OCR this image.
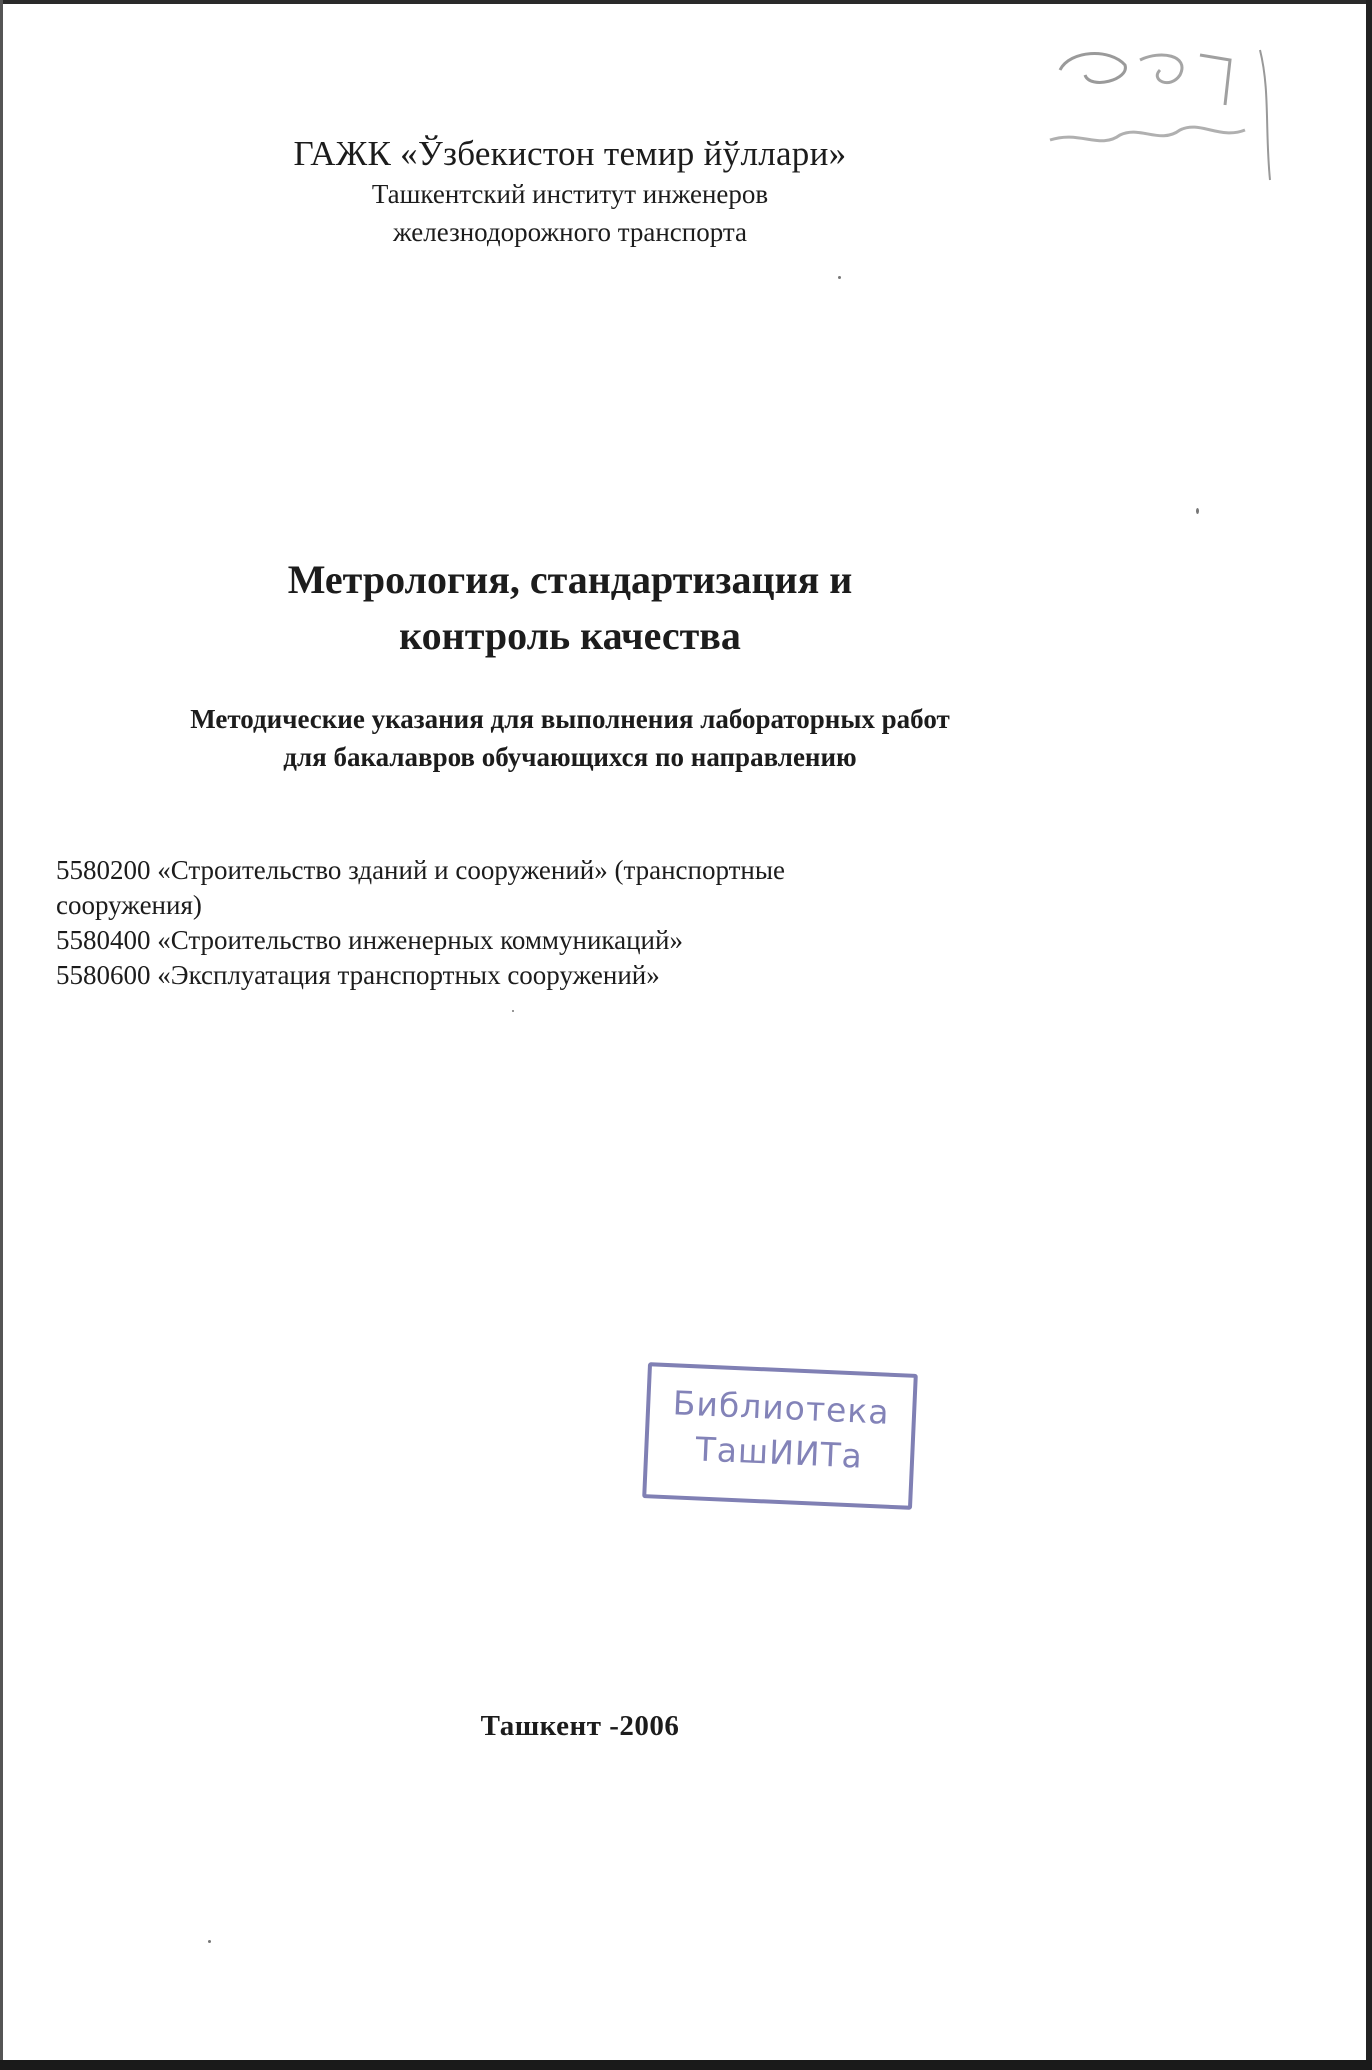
ГАЖК «Ўзбекистон темир йўллари»
Ташкентский институт инженеров
железнодорожного транспорта
Метрология, стандартизация и
контроль качества
Методические указания для выполнения лабораторных работ
для бакалавров обучающихся по направлению
5580200 «Строительство зданий и сооружений» (транспортные
сооружения)
5580400 «Строительство инженерных коммуникаций»
5580600 «Эксплуатация транспортных сооружений»
Библиотека
ТашИИТа
Ташкент -2006
